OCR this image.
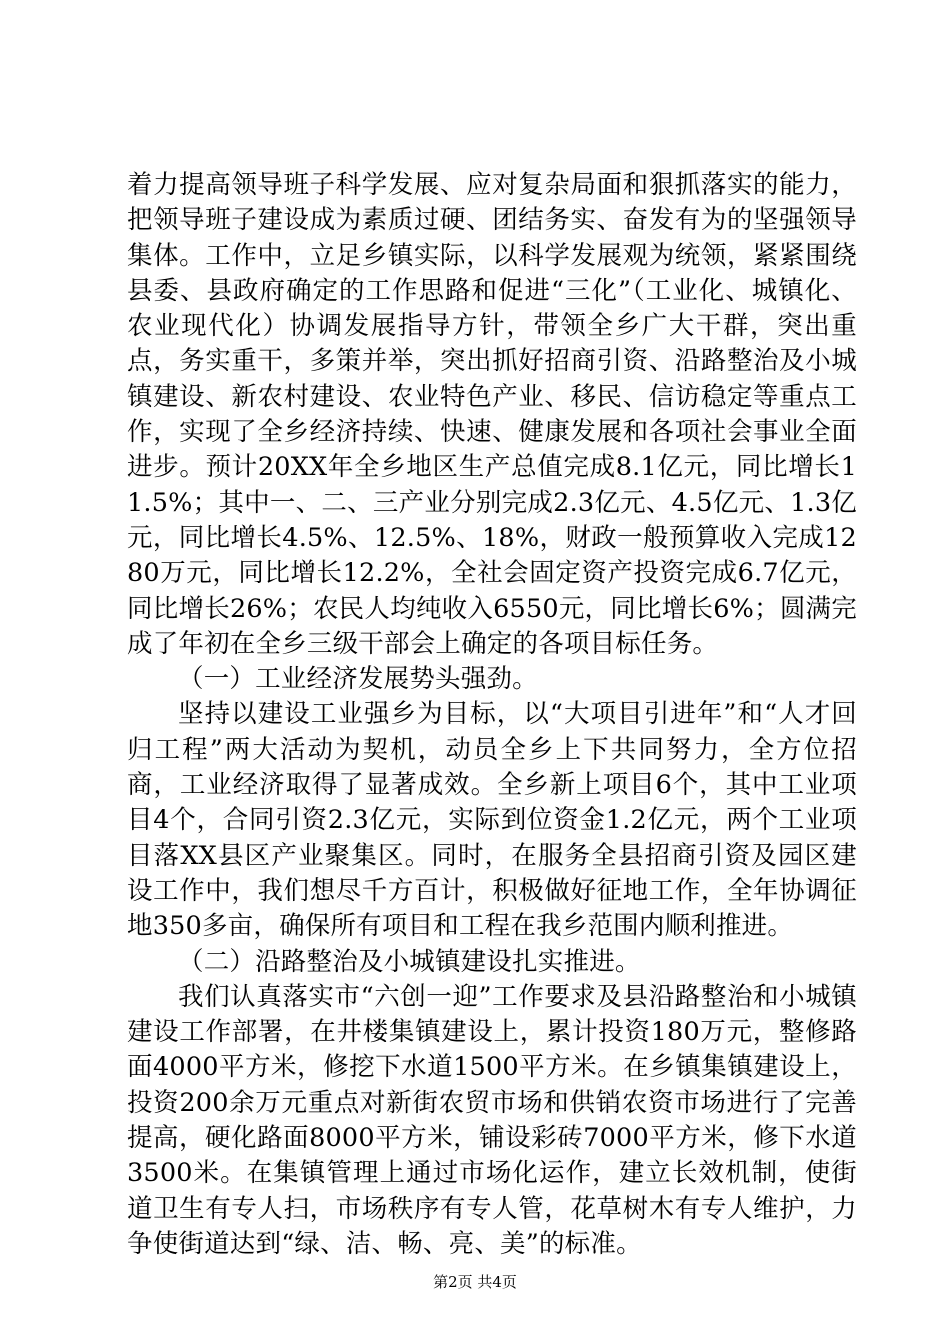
着力提高领导班子科学发展、应对复杂局面和狠抓落实的能力，把领导班子建设成为素质过硬、团结务实、奋发有为的坚强领导集体。工作中，立足乡镇实际，以科学发展观为统领，紧紧围绕县委、县政府确定的工作思路和促进“三化”（工业化、城镇化、农业现代化）协调发展指导方针，带领全乡广大干群，突出重点，务实重干，多策并举，突出抓好招商引资、沿路整治及小城镇建设、新农村建设、农业特色产业、移民、信访稳定等重点工作，实现了全乡经济持续、快速、健康发展和各项社会事业全面进步。预计20XX年全乡地区生产总值完成8.1亿元，同比增长11.5%；其中一、二、三产业分别完成2.3亿元、4.5亿元、1.3亿元，同比增长4.5%、12.5%、18%，财政一般预算收入完成1280万元，同比增长12.2%，全社会固定资产投资完成6.7亿元，同比增长26%；农民人均纯收入6550元，同比增长6%；圆满完成了年初在全乡三级干部会上确定的各项目标任务。

（一）工业经济发展势头强劲。

坚持以建设工业强乡为目标，以“大项目引进年”和“人才回归工程”两大活动为契机，动员全乡上下共同努力，全方位招商，工业经济取得了显著成效。全乡新上项目6个，其中工业项目4个，合同引资2.3亿元，实际到位资金1.2亿元，两个工业项目落XX县区产业聚集区。同时，在服务全县招商引资及园区建设工作中，我们想尽千方百计，积极做好征地工作，全年协调征地350多亩，确保所有项目和工程在我乡范围内顺利推进。

（二）沿路整治及小城镇建设扎实推进。

我们认真落实市“六创一迎”工作要求及县沿路整治和小城镇建设工作部署，在井楼集镇建设上，累计投资180万元，整修路面4000平方米，修挖下水道1500平方米。在乡镇集镇建设上，投资200余万元重点对新街农贸市场和供销农资市场进行了完善提高，硬化路面8000平方米，铺设彩砖7000平方米，修下水道3500米。在集镇管理上通过市场化运作，建立长效机制，使街道卫生有专人扫，市场秩序有专人管，花草树木有专人维护，力争使街道达到“绿、洁、畅、亮、美”的标准。

第2页 共4页
